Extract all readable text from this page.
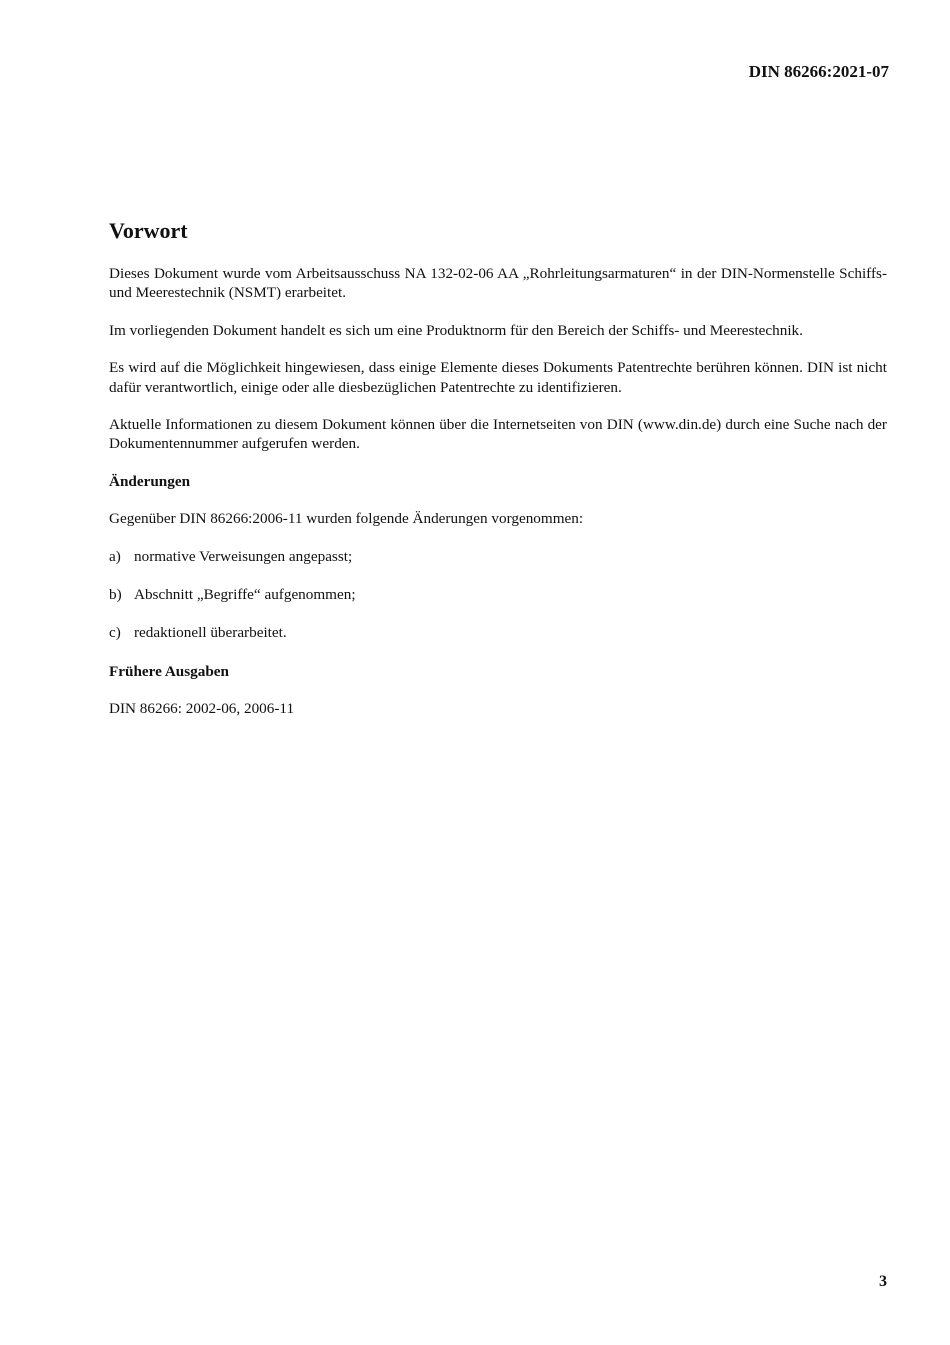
DIN 86266:2021-07
Vorwort

Dieses Dokument wurde vom Arbeitsausschuss NA 132-02-06 AA „Rohrleitungsarmaturen“ in der DIN-Normenstelle Schiffs- und Meerestechnik (NSMT) erarbeitet.

Im vorliegenden Dokument handelt es sich um eine Produktnorm für den Bereich der Schiffs- und Meerestechnik.

Es wird auf die Möglichkeit hingewiesen, dass einige Elemente dieses Dokuments Patentrechte berühren können. DIN ist nicht dafür verantwortlich, einige oder alle diesbezüglichen Patentrechte zu identifizieren.

Aktuelle Informationen zu diesem Dokument können über die Internetseiten von DIN (www.din.de) durch eine Suche nach der Dokumentennummer aufgerufen werden.

Änderungen

Gegenüber DIN 86266:2006-11 wurden folgende Änderungen vorgenommen:

a) normative Verweisungen angepasst;
b) Abschnitt „Begriffe“ aufgenommen;
c) redaktionell überarbeitet.
Frühere Ausgaben

DIN 86266: 2002-06, 2006-11

3
